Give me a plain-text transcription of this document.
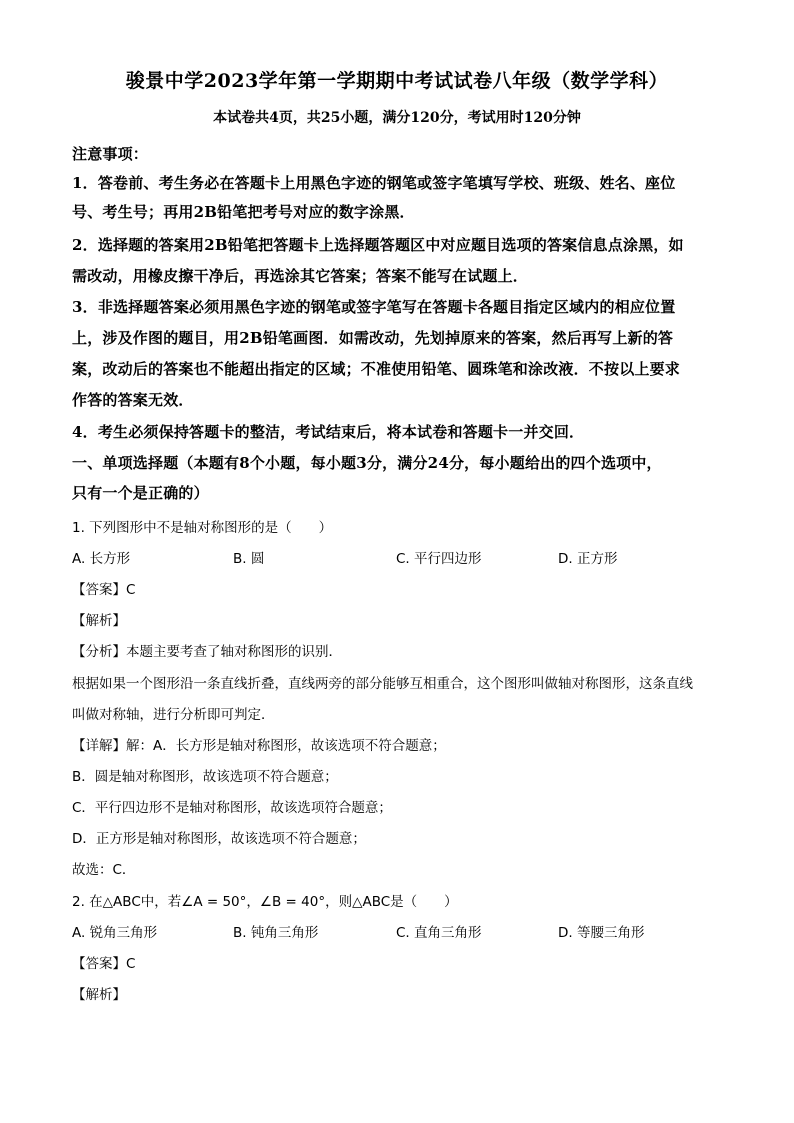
骏景中学2023学年第一学期期中考试试卷八年级（数学学科）
本试卷共4页，共25小题，满分120分，考试用时120分钟
注意事项：
1．答卷前、考生务必在答题卡上用黑色字迹的钢笔或签字笔填写学校、班级、姓名、座位
号、考生号；再用2B铅笔把考号对应的数字涂黑．
2．选择题的答案用2B铅笔把答题卡上选择题答题区中对应题目选项的答案信息点涂黑，如
需改动，用橡皮擦干净后，再选涂其它答案；答案不能写在试题上．
3．非选择题答案必须用黑色字迹的钢笔或签字笔写在答题卡各题目指定区域内的相应位置
上，涉及作图的题目，用2B铅笔画图．如需改动，先划掉原来的答案，然后再写上新的答
案，改动后的答案也不能超出指定的区域；不准使用铅笔、圆珠笔和涂改液．不按以上要求
作答的答案无效．
4．考生必须保持答题卡的整洁，考试结束后，将本试卷和答题卡一并交回．
一、单项选择题（本题有8个小题，每小题3分，满分24分，每小题给出的四个选项中，
只有一个是正确的）
1. 下列图形中不是轴对称图形的是（　　）
A. 长方形	B. 圆	C. 平行四边形	D. 正方形
【答案】C
【解析】
【分析】本题主要考查了轴对称图形的识别．
根据如果一个图形沿一条直线折叠，直线两旁的部分能够互相重合，这个图形叫做轴对称图形，这条直线
叫做对称轴，进行分析即可判定．
【详解】解：A．长方形是轴对称图形，故该选项不符合题意；
B．圆是轴对称图形，故该选项不符合题意；
C．平行四边形不是轴对称图形，故该选项符合题意；
D．正方形是轴对称图形，故该选项不符合题意；
故选：C．
2. 在△ABC中，若∠A = 50°，∠B = 40°，则△ABC是（　　）
A. 锐角三角形	B. 钝角三角形	C. 直角三角形	D. 等腰三角形
【答案】C
【解析】
